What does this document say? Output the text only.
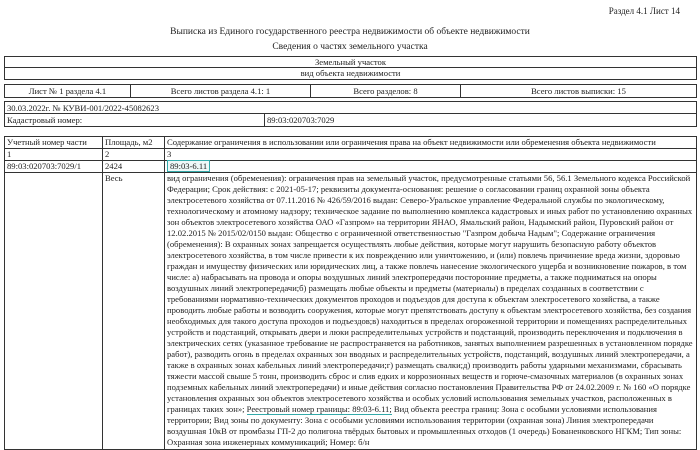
Раздел 4.1 Лист 14
Выписка из Единого государственного реестра недвижимости об объекте недвижимости
Сведения о частях земельного участка
Земельный участок
вид объекта недвижимости
Лист № 1 раздела 4.1	Всего листов раздела 4.1: 1	Всего разделов: 8	Всего листов выписки: 15
30.03.2022г. № КУВИ-001/2022-45082623
Кадастровый номер:	89:03:020703:7029
Учетный номер части	Площадь, м2	Содержание ограничения в использовании или ограничения права на объект недвижимости или обременения объекта недвижимости
1	2	3
89:03:020703:7029/1	2424	89:03-6.11
	Весь	вид ограничения (обременения): ограничения прав на земельный участок, предусмотренные статьями 56, 56.1 Земельного кодекса Российской Федерации; Срок действия: с 2021-05-17; реквизиты документа-основания: решение о согласовании границ охранной зоны объекта электросетевого хозяйства от 07.11.2016 № 426/59/2016 выдан: Северо-Уральское управление Федеральной службы по экологическому, технологическому и атомному надзору; техническое задание по выполнению комплекса кадастровых и иных работ по установлению охранных зон объектов электросетевого хозяйства ОАО «Газпром» на территории ЯНАО, Ямальский район, Надымский район, Пуровский район от 12.02.2015 № 2015/02/0150 выдан: Общество с ограниченной ответственностью "Газпром добыча Надым"; Содержание ограничения (обременения): В охранных зонах запрещается осуществлять любые действия, которые могут нарушить безопасную работу объектов электросетевого хозяйства, в том числе привести к их повреждению или уничтожению, и (или) повлечь причинение вреда жизни, здоровью граждан и имуществу физических или юридических лиц, а также повлечь нанесение экологического ущерба и возникновение пожаров, в том числе: а) набрасывать на провода и опоры воздушных линий электропередачи посторонние предметы, а также подниматься на опоры воздушных линий электропередачи;б) размещать любые объекты и предметы (материалы) в пределах созданных в соответствии с требованиями нормативно-технических документов проходов и подъездов для доступа к объектам электросетевого хозяйства, а также проводить любые работы и возводить сооружения, которые могут препятствовать доступу к объектам электросетевого хозяйства, без создания необходимых для такого доступа проходов и подъездов;в) находиться в пределах огороженной территории и помещениях распределительных устройств и подстанций, открывать двери и люки распределительных устройств и подстанций, производить переключения и подключения в электрических сетях (указанное требование не распространяется на работников, занятых выполнением разрешенных в установленном порядке работ), разводить огонь в пределах охранных зон вводных и распределительных устройств, подстанций, воздушных линий электропередачи, а также в охранных зонах кабельных линий электропередачи;г) размещать свалки;д) производить работы ударными механизмами, сбрасывать тяжести массой свыше 5 тонн, производить сброс и слив едких и коррозионных веществ и горюче-смазочных материалов (в охранных зонах подземных кабельных линий электропередачи) и иные действия согласно постановления Правительства РФ от 24.02.2009 г. № 160 «О порядке установления охранных зон объектов электросетевого хозяйства и особых условий использования земельных участков, расположенных в границах таких зон»; Реестровый номер границы: 89:03-6.11; Вид объекта реестра границ: Зона с особыми условиями использования территории; Вид зоны по документу: Зона с особыми условиями использования территории (охранная зона) Линия электропередачи воздушная 10кВ от промбазы ГП-2 до полигона твёрдых бытовых и промышленных отходов (1 очередь) Бованенковского НГКМ; Тип зоны: Охранная зона инженерных коммуникаций; Номер: б/н
